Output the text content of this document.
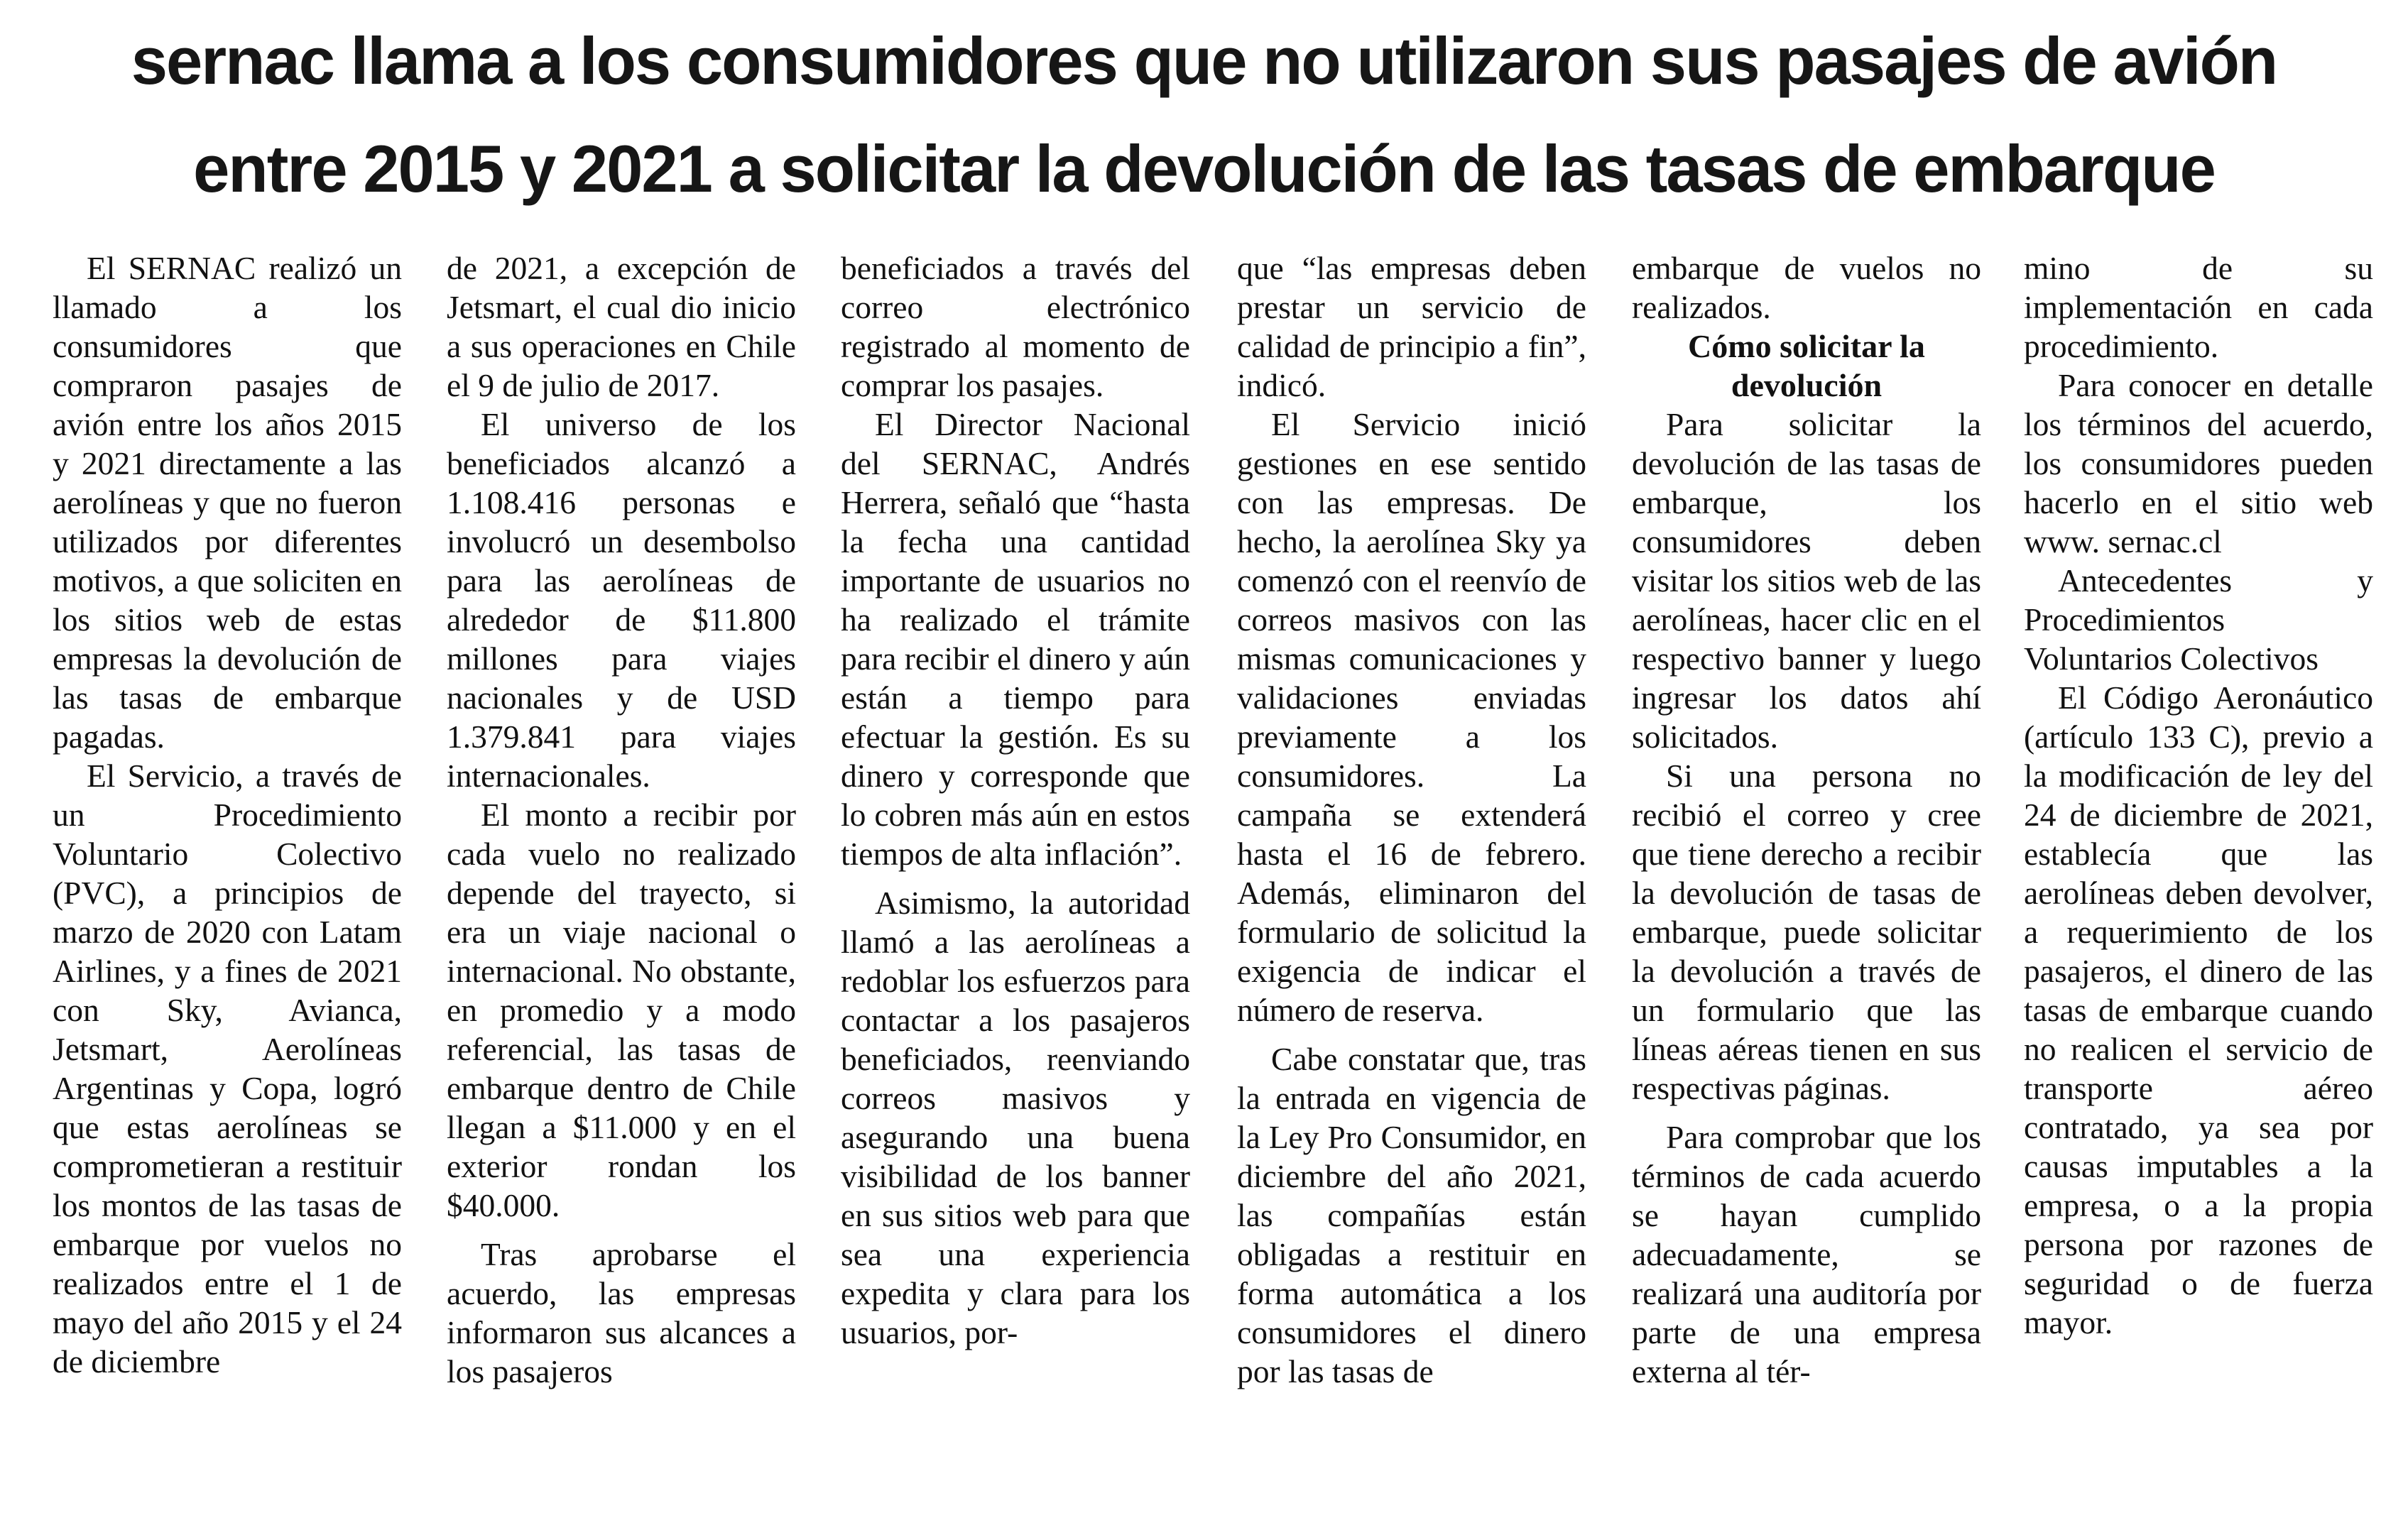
sernac llama a los consumidores que no utilizaron sus pasajes de avión
entre 2015 y 2021 a solicitar la devolución de las tasas de embarque

El SERNAC realizó un llamado a los consumidores que compraron pasajes de avión entre los años 2015 y 2021 directamente a las aerolíneas y que no fueron utilizados por diferentes motivos, a que soliciten en los sitios web de estas empresas la devolución de las tasas de embarque pagadas.

El Servicio, a través de un Procedimiento Voluntario Colectivo (PVC), a principios de marzo de 2020 con Latam Airlines, y a fines de 2021 con Sky, Avianca, Jetsmart, Aerolíneas Argentinas y Copa, logró que estas aerolíneas se comprometieran a restituir los montos de las tasas de embarque por vuelos no realizados entre el 1 de mayo del año 2015 y el 24 de diciembre

de 2021, a excepción de Jetsmart, el cual dio inicio a sus operaciones en Chile el 9 de julio de 2017.

El universo de los beneficiados alcanzó a 1.108.416 personas e involucró un desembolso para las aerolíneas de alrededor de $11.800 millones para viajes nacionales y de USD 1.379.841 para viajes internacionales.

El monto a recibir por cada vuelo no realizado depende del trayecto, si era un viaje nacional o internacional. No obstante, en promedio y a modo referencial, las tasas de embarque dentro de Chile llegan a $11.000 y en el exterior rondan los $40.000.

Tras aprobarse el acuerdo, las empresas informaron sus alcances a los pasajeros

beneficiados a través del correo electrónico registrado al momento de comprar los pasajes.

El Director Nacional del SERNAC, Andrés Herrera, señaló que “hasta la fecha una cantidad importante de usuarios no ha realizado el trámite para recibir el dinero y aún están a tiempo para efectuar la gestión. Es su dinero y corresponde que lo cobren más aún en estos tiempos de alta inflación”.

Asimismo, la autoridad llamó a las aerolíneas a redoblar los esfuerzos para contactar a los pasajeros beneficiados, reenviando correos masivos y asegurando una buena visibilidad de los banner en sus sitios web para que sea una experiencia expedita y clara para los usuarios, por-

que “las empresas deben prestar un servicio de calidad de principio a fin”, indicó.

El Servicio inició gestiones en ese sentido con las empresas. De hecho, la aerolínea Sky ya comenzó con el reenvío de correos masivos con las mismas comunicaciones y validaciones enviadas previamente a los consumidores. La campaña se extenderá hasta el 16 de febrero. Además, eliminaron del formulario de solicitud la exigencia de indicar el número de reserva.

Cabe constatar que, tras la entrada en vigencia de la Ley Pro Consumidor, en diciembre del año 2021, las compañías están obligadas a restituir en forma automática a los consumidores el dinero por las tasas de

embarque de vuelos no realizados.

Cómo solicitar la devolución

Para solicitar la devolución de las tasas de embarque, los consumidores deben visitar los sitios web de las aerolíneas, hacer clic en el respectivo banner y luego ingresar los datos ahí solicitados.

Si una persona no recibió el correo y cree que tiene derecho a recibir la devolución de tasas de embarque, puede solicitar la devolución a través de un formulario que las líneas aéreas tienen en sus respectivas páginas.

Para comprobar que los términos de cada acuerdo se hayan cumplido adecuadamente, se realizará una auditoría por parte de una empresa externa al tér-

mino de su implementación en cada procedimiento.

Para conocer en detalle los términos del acuerdo, los consumidores pueden hacerlo en el sitio web www. sernac.cl

Antecedentes y Procedimientos Voluntarios Colectivos

El Código Aeronáutico (artículo 133 C), previo a la modificación de ley del 24 de diciembre de 2021, establecía que las aerolíneas deben devolver, a requerimiento de los pasajeros, el dinero de las tasas de embarque cuando no realicen el servicio de transporte aéreo contratado, ya sea por causas imputables a la empresa, o a la propia persona por razones de seguridad o de fuerza mayor.
